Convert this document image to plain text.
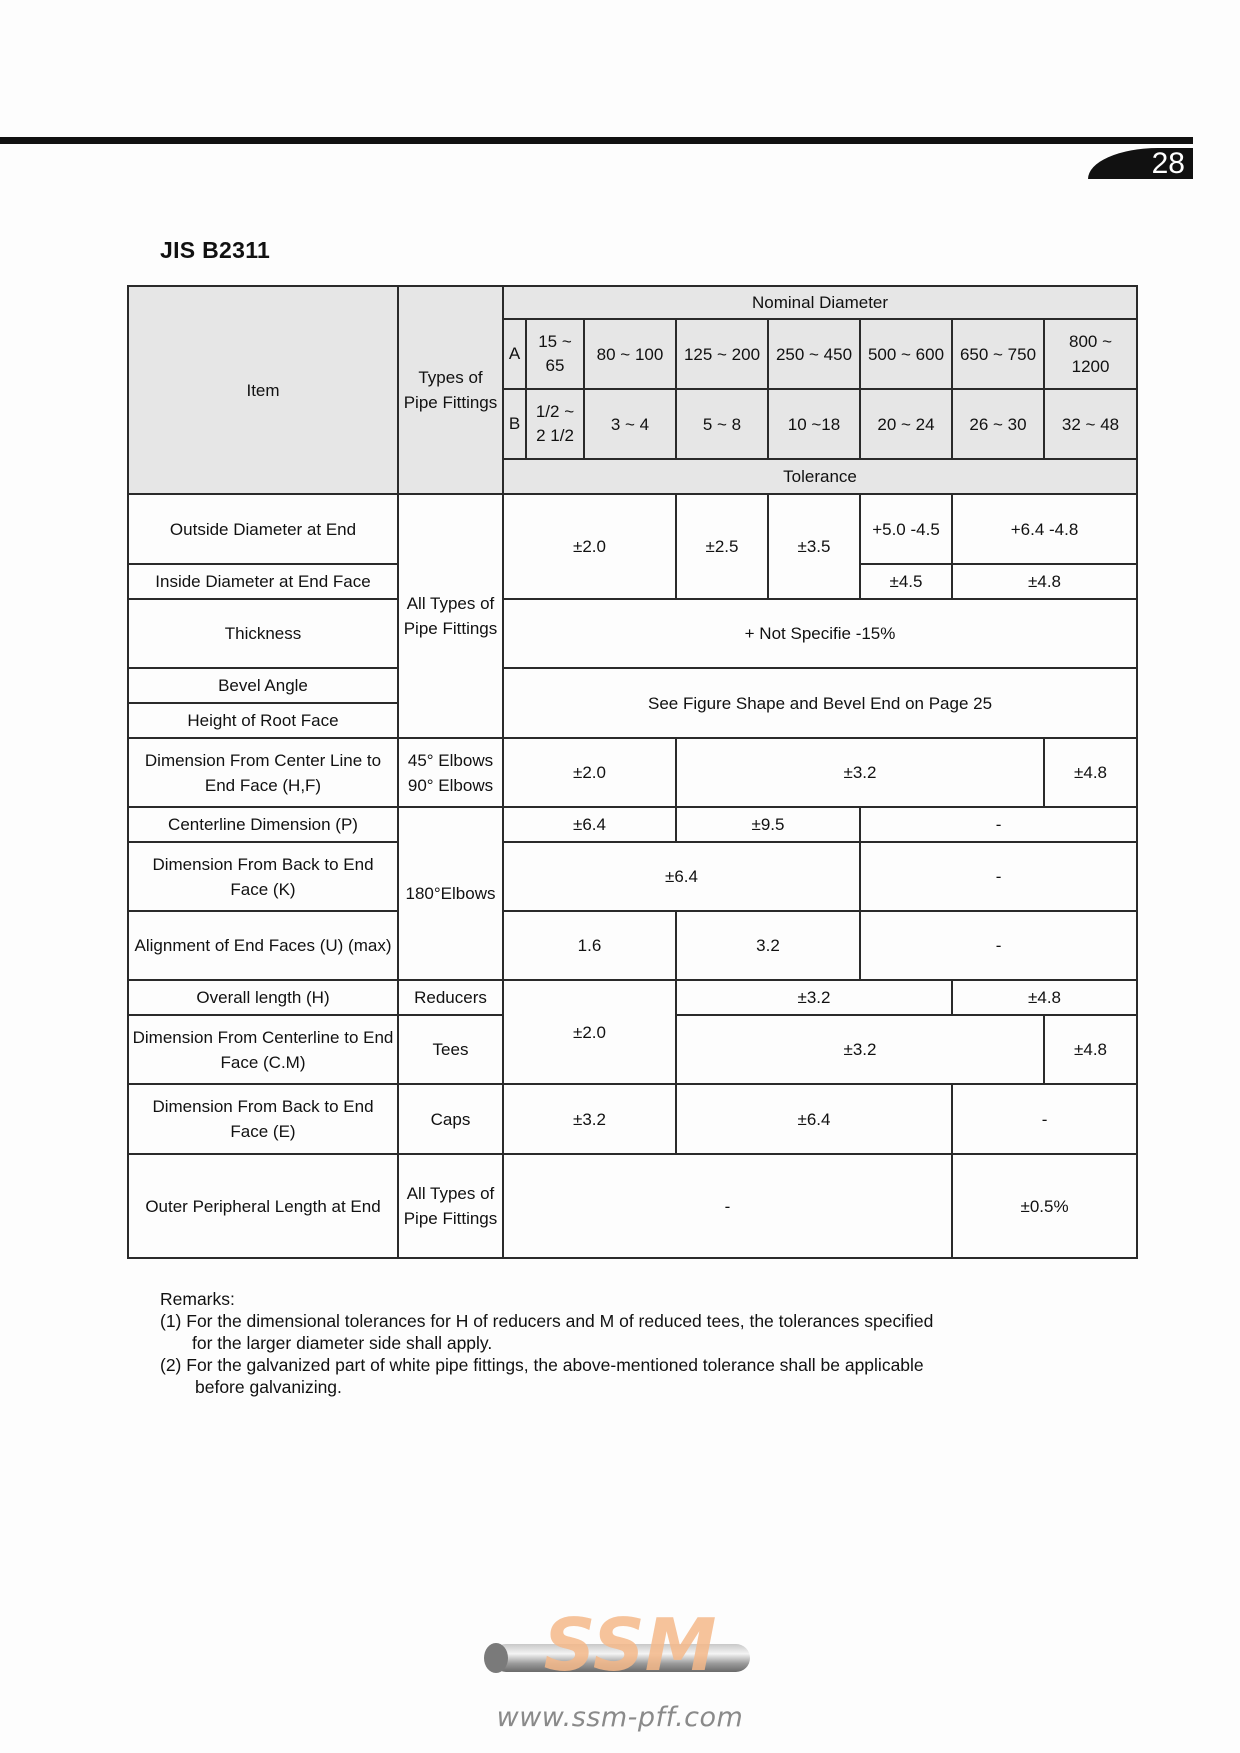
28
JIS B2311
Item	Types of Pipe Fittings	Nominal Diameter							
		A	15 ~ 65	80 ~ 100	125 ~ 200	250 ~ 450	500 ~ 600	650 ~ 750	800 ~ 1200
		B	1/2 ~ 2 1/2	3 ~ 4	5 ~ 8	10 ~18	20 ~ 24	26 ~ 30	32 ~ 48
		Tolerance							
Outside Diameter at End	All Types of Pipe Fittings	±2.0			±2.5	±3.5	+5.0 -4.5	+6.4 -4.8	
Inside Diameter at End Face							±4.5	±4.8	
Thickness		+ Not Specifie -15%							
Bevel Angle		See Figure Shape and Bevel End on Page 25							
Height of Root Face									
Dimension From Center Line to End Face (H,F)	45° Elbows 90° Elbows	±2.0			±3.2				±4.8
Centerline Dimension (P)	180°Elbows	±6.4			±9.5		-		
Dimension From Back to End Face (K)		±6.4					-		
Alignment of End Faces (U) (max)		1.6			3.2		-		
Overall length (H)	Reducers	±2.0			±3.2			±4.8	
Dimension From Centerline to End Face (C.M)	Tees				±3.2				±4.8
Dimension From Back to End Face (E)	Caps	±3.2			±6.4			-	
Outer Peripheral Length at End	All Types of Pipe Fittings	-						±0.5%	
Remarks:
(1) For the dimensional tolerances for H of reducers and M of reduced tees, the tolerances specified
for the larger diameter side shall apply.
(2) For the galvanized part of white pipe fittings, the above-mentioned tolerance shall be applicable
before galvanizing.
SSM
www.ssm-pff.com
